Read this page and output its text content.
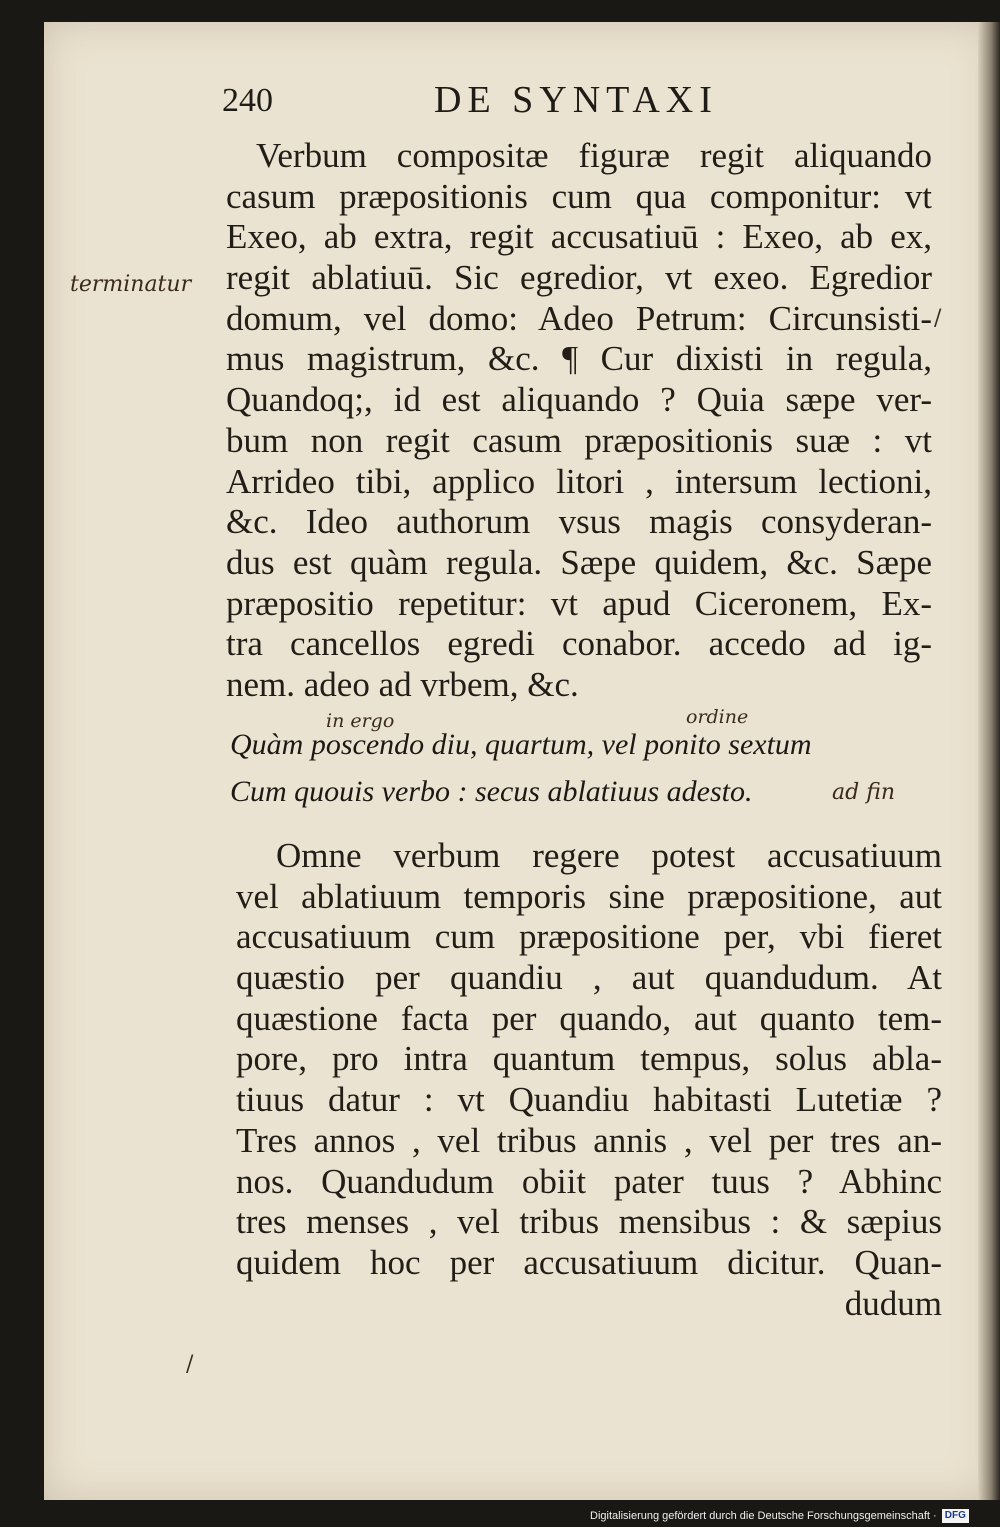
240	DE SYNTAXI
Verbum compositæ figuræ regit aliquando
casum præpositionis cum qua componitur: vt
Exeo, ab extra, regit accusatiuū : Exeo, ab ex,
regit ablatiuū. Sic egredior, vt exeo. Egredior
domum, vel domo: Adeo Petrum: Circunsisti-
mus magistrum, &c. ¶ Cur dixisti in regula,
Quandoq;, id est aliquando ? Quia sæpe ver-
bum non regit casum præpositionis suæ : vt
Arrideo tibi, applico litori , intersum lectioni,
&c. Ideo authorum vsus magis consyderan-
dus est quàm regula. Sæpe quidem, &c. Sæpe
præpositio repetitur: vt apud Ciceronem, Ex-
tra cancellos egredi conabor. accedo ad ig-
nem. adeo ad vrbem, &c.
terminatur
in ergo	ordine
Quàm poscendo diu, quartum, vel ponito sextum
Cum quouis verbo : secus ablatiuus adesto.	ad fin
Omne verbum regere potest accusatiuum
vel ablatiuum temporis sine præpositione, aut
accusatiuum cum præpositione per, vbi fieret
quæstio per quandiu , aut quandudum. At
quæstione facta per quando, aut quanto tem-
pore, pro intra quantum tempus, solus abla-
tiuus datur : vt Quandiu habitasti Lutetiæ ?
Tres annos , vel tribus annis , vel per tres an-
nos. Quandudum obiit pater tuus ? Abhinc
tres menses , vel tribus mensibus : & sæpius
quidem hoc per accusatiuum dicitur. Quan-
dudum
/
/
Digitalisierung gefördert durch die Deutsche Forschungsgemeinschaft · DFG
